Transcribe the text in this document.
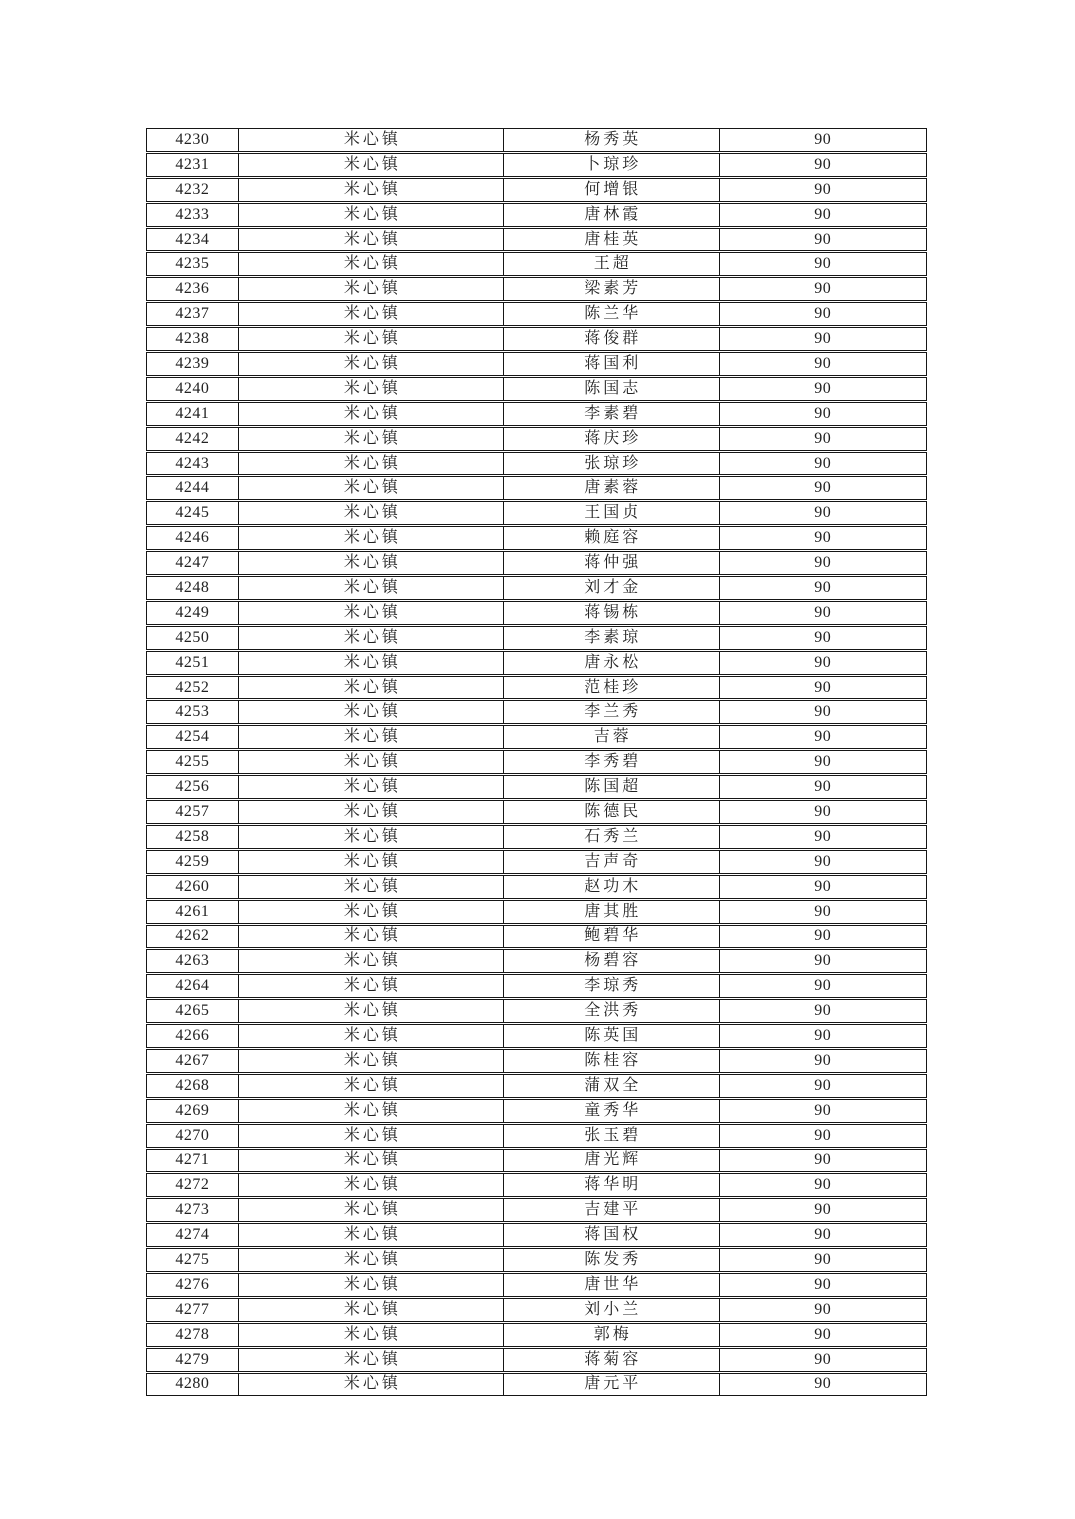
4230	米心镇	杨秀英	90
4231	米心镇	卜琼珍	90
4232	米心镇	何增银	90
4233	米心镇	唐林霞	90
4234	米心镇	唐桂英	90
4235	米心镇	王超	90
4236	米心镇	梁素芳	90
4237	米心镇	陈兰华	90
4238	米心镇	蒋俊群	90
4239	米心镇	蒋国利	90
4240	米心镇	陈国志	90
4241	米心镇	李素碧	90
4242	米心镇	蒋庆珍	90
4243	米心镇	张琼珍	90
4244	米心镇	唐素蓉	90
4245	米心镇	王国贞	90
4246	米心镇	赖庭容	90
4247	米心镇	蒋仲强	90
4248	米心镇	刘才金	90
4249	米心镇	蒋锡栋	90
4250	米心镇	李素琼	90
4251	米心镇	唐永松	90
4252	米心镇	范桂珍	90
4253	米心镇	李兰秀	90
4254	米心镇	吉蓉	90
4255	米心镇	李秀碧	90
4256	米心镇	陈国超	90
4257	米心镇	陈德民	90
4258	米心镇	石秀兰	90
4259	米心镇	吉声奇	90
4260	米心镇	赵功木	90
4261	米心镇	唐其胜	90
4262	米心镇	鲍碧华	90
4263	米心镇	杨碧容	90
4264	米心镇	李琼秀	90
4265	米心镇	全洪秀	90
4266	米心镇	陈英国	90
4267	米心镇	陈桂容	90
4268	米心镇	蒲双全	90
4269	米心镇	童秀华	90
4270	米心镇	张玉碧	90
4271	米心镇	唐光辉	90
4272	米心镇	蒋华明	90
4273	米心镇	吉建平	90
4274	米心镇	蒋国权	90
4275	米心镇	陈发秀	90
4276	米心镇	唐世华	90
4277	米心镇	刘小兰	90
4278	米心镇	郭梅	90
4279	米心镇	蒋菊容	90
4280	米心镇	唐元平	90
